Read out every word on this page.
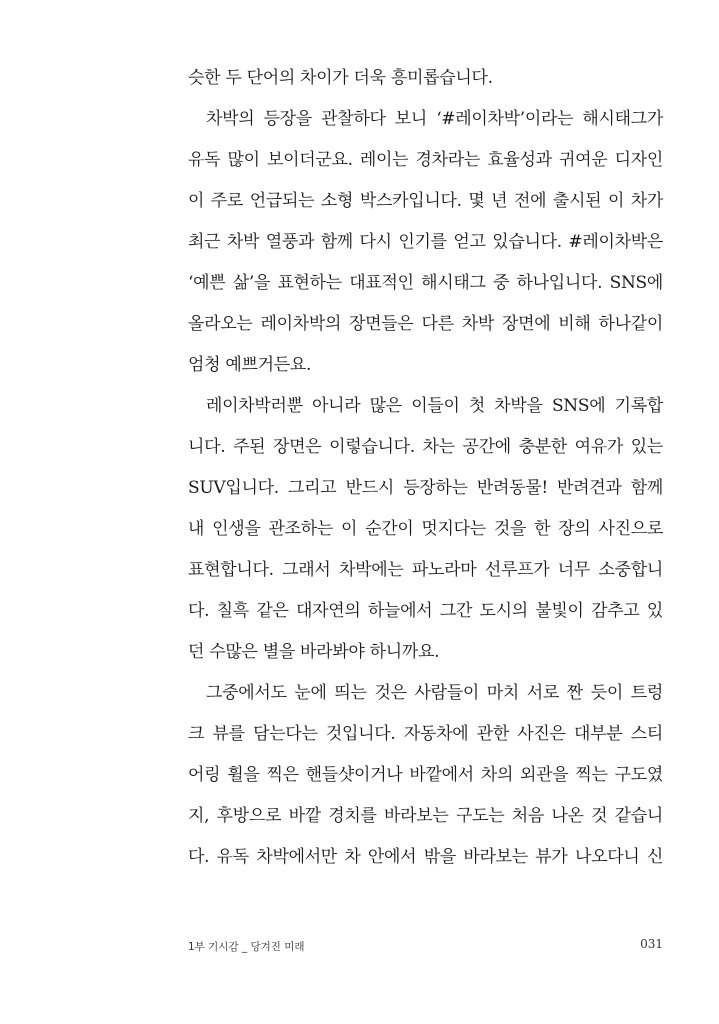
슷한 두 단어의 차이가 더욱 흥미롭습니다.
차박의 등장을 관찰하다 보니 ‘#레이차박’이라는 해시태그가
유독 많이 보이더군요. 레이는 경차라는 효율성과 귀여운 디자인
이 주로 언급되는 소형 박스카입니다. 몇 년 전에 출시된 이 차가
최근 차박 열풍과 함께 다시 인기를 얻고 있습니다. #레이차박은
‘예쁜 삶’을 표현하는 대표적인 해시태그 중 하나입니다. SNS에
올라오는 레이차박의 장면들은 다른 차박 장면에 비해 하나같이
엄청 예쁘거든요.
레이차박러뿐 아니라 많은 이들이 첫 차박을 SNS에 기록합
니다. 주된 장면은 이렇습니다. 차는 공간에 충분한 여유가 있는
SUV입니다. 그리고 반드시 등장하는 반려동물! 반려견과 함께
내 인생을 관조하는 이 순간이 멋지다는 것을 한 장의 사진으로
표현합니다. 그래서 차박에는 파노라마 선루프가 너무 소중합니
다. 칠흑 같은 대자연의 하늘에서 그간 도시의 불빛이 감추고 있
던 수많은 별을 바라봐야 하니까요.
그중에서도 눈에 띄는 것은 사람들이 마치 서로 짠 듯이 트렁
크 뷰를 담는다는 것입니다. 자동차에 관한 사진은 대부분 스티
어링 휠을 찍은 핸들샷이거나 바깥에서 차의 외관을 찍는 구도였
지, 후방으로 바깥 경치를 바라보는 구도는 처음 나온 것 같습니
다. 유독 차박에서만 차 안에서 밖을 바라보는 뷰가 나오다니 신
1부 기시감 _ 당겨진 미래	031
